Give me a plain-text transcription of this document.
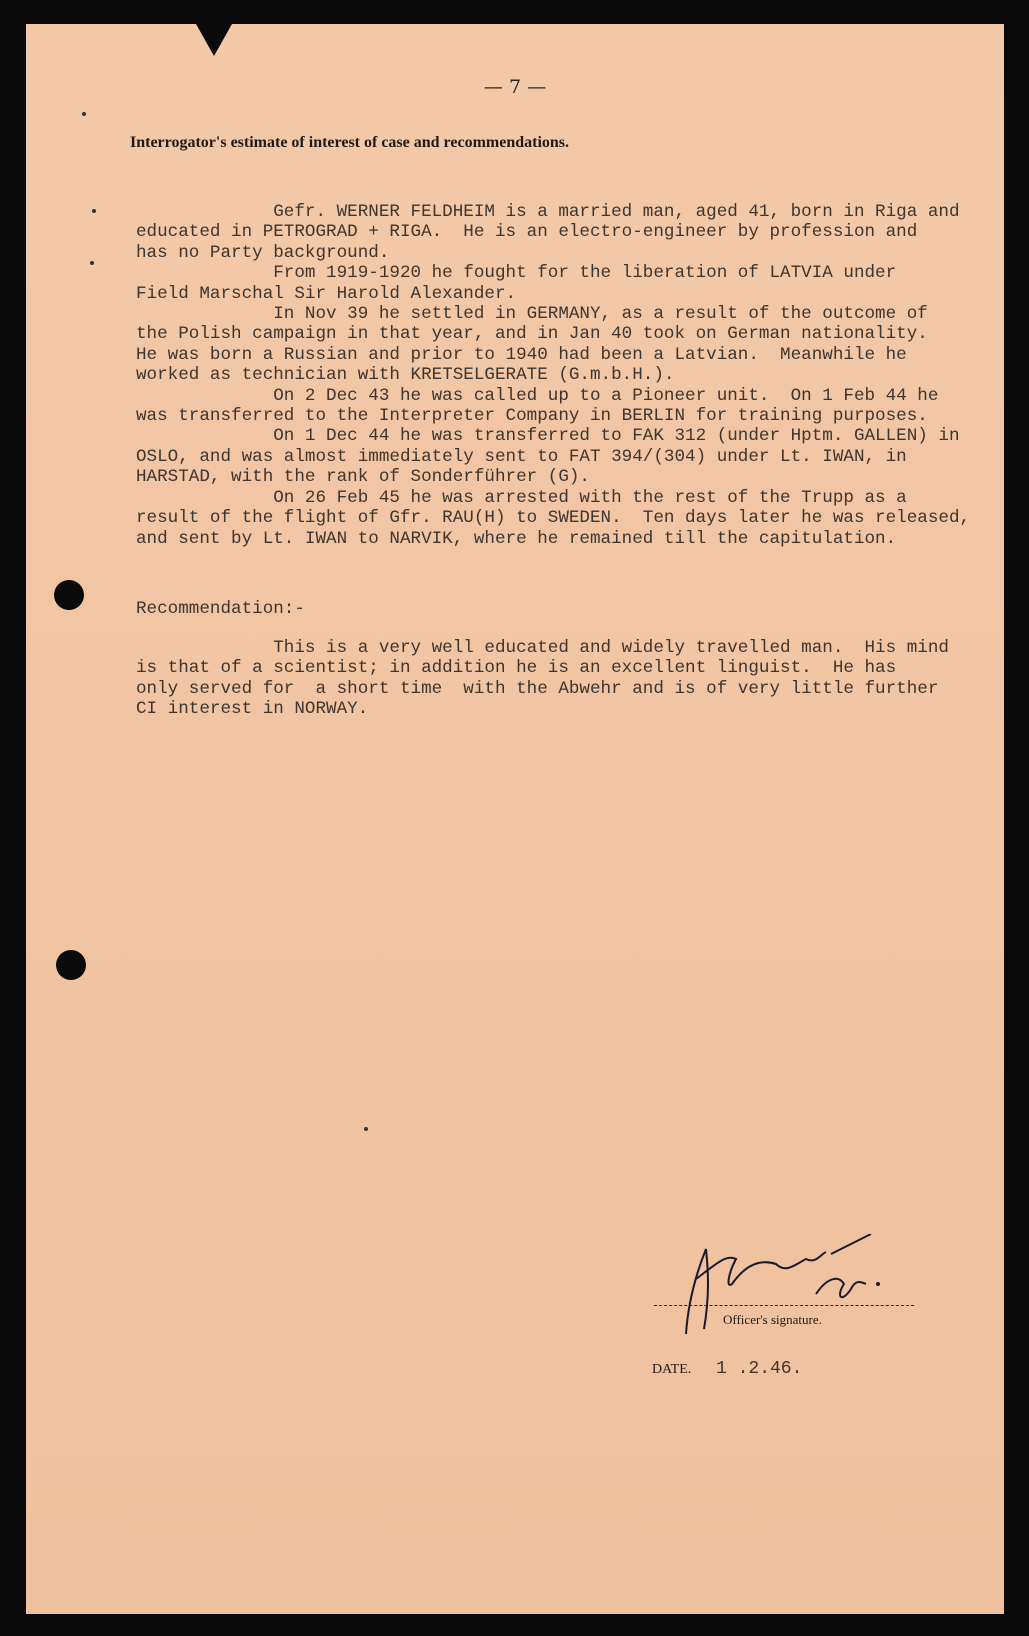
— 7 —
Interrogator's estimate of interest of case and recommendations.
Gefr. WERNER FELDHEIM is a married man, aged 41, born in Riga and
educated in PETROGRAD + RIGA.  He is an electro-engineer by profession and
has no Party background.
From 1919-1920 he fought for the liberation of LATVIA under
Field Marschal Sir Harold Alexander.
In Nov 39 he settled in GERMANY, as a result of the outcome of
the Polish campaign in that year, and in Jan 40 took on German nationality.
He was born a Russian and prior to 1940 had been a Latvian.  Meanwhile he
worked as technician with KRETSELGERATE (G.m.b.H.).
On 2 Dec 43 he was called up to a Pioneer unit.  On 1 Feb 44 he
was transferred to the Interpreter Company in BERLIN for training purposes.
On 1 Dec 44 he was transferred to FAK 312 (under Hptm. GALLEN) in
OSLO, and was almost immediately sent to FAT 394/(304) under Lt. IWAN, in
HARSTAD, with the rank of Sonderführer (G).
On 26 Feb 45 he was arrested with the rest of the Trupp as a
result of the flight of Gfr. RAU(H) to SWEDEN.  Ten days later he was released,
and sent by Lt. IWAN to NARVIK, where he remained till the capitulation.
Recommendation:-
This is a very well educated and widely travelled man.  His mind
is that of a scientist; in addition he is an excellent linguist.  He has
only served for  a short time  with the Abwehr and is of very little further
CI interest in NORWAY.
Officer's signature.
DATE. 1 .2.46.
